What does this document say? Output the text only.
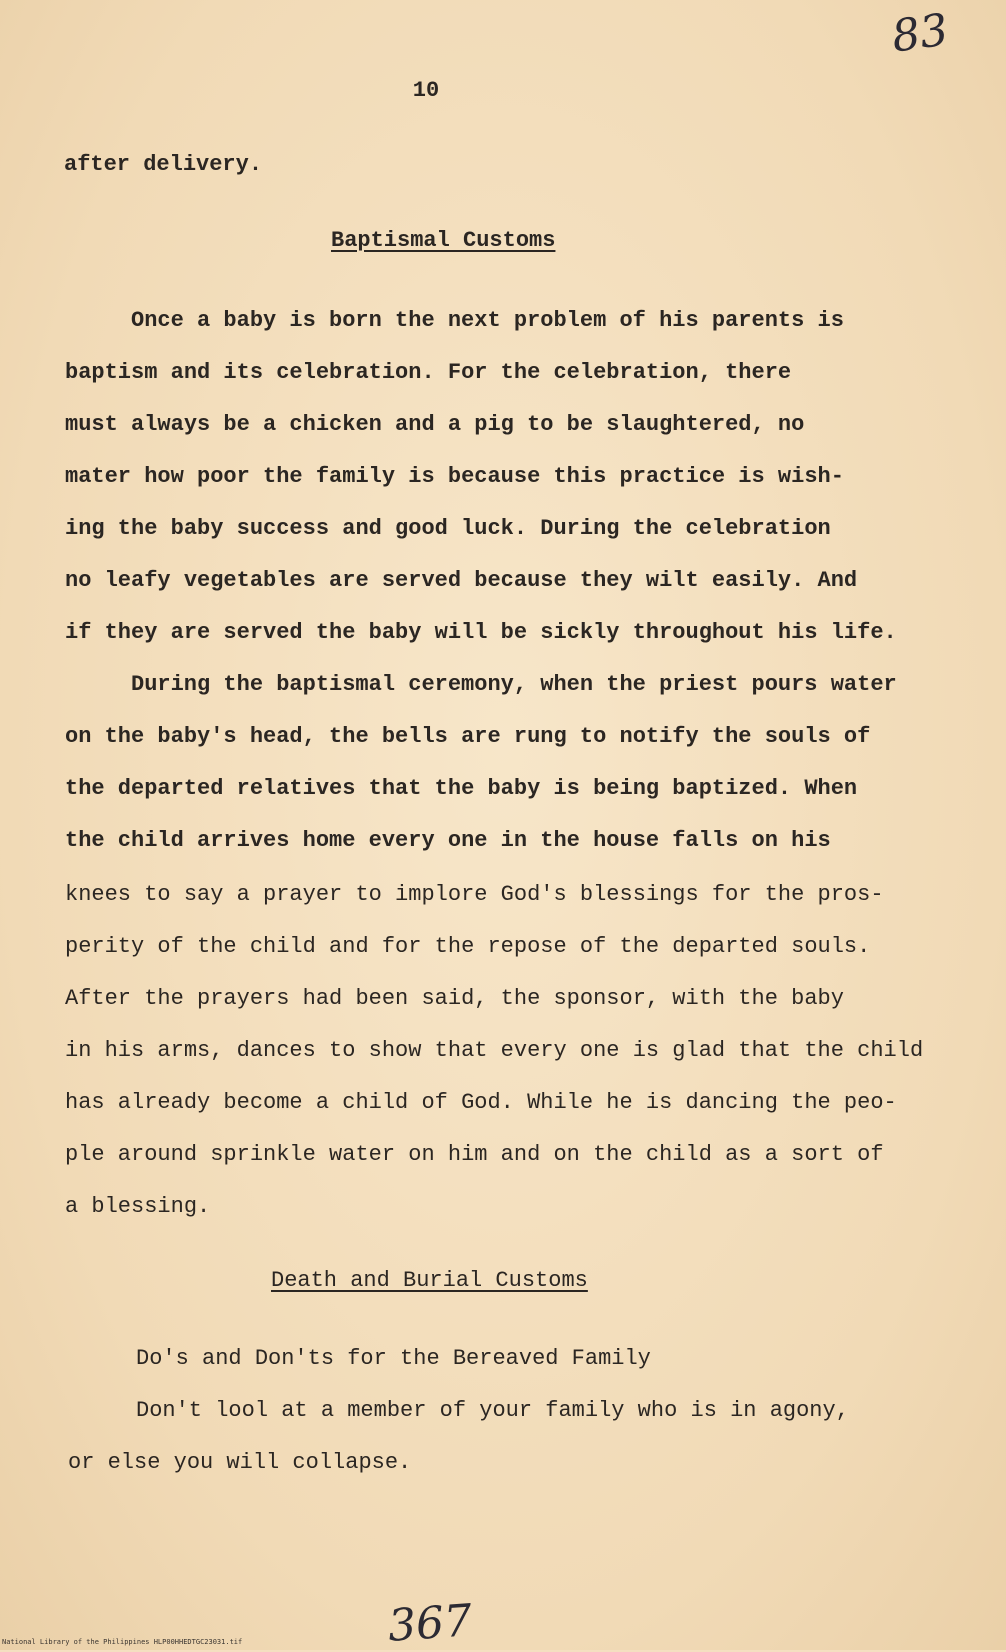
83
10
after delivery.
Baptismal Customs
Once a baby is born the next problem of his parents is
baptism and its celebration. For the celebration, there
must always be a chicken and a pig to be slaughtered, no
mater how poor the family is because this practice is wish-
ing the baby success and good luck. During the celebration
no leafy vegetables are served because they wilt easily. And
if they are served the baby will be sickly throughout his life.
During the baptismal ceremony, when the priest pours water
on the baby's head, the bells are rung to notify the souls of
the departed relatives that the baby is being baptized. When
the child arrives home every one in the house falls on his
knees to say a prayer to implore God's blessings for the pros-
perity of the child and for the repose of the departed souls.
After the prayers had been said, the sponsor, with the baby
in his arms, dances to show that every one is glad that the child
has already become a child of God. While he is dancing the peo-
ple around sprinkle water on him and on the child as a sort of
a blessing.
Death and Burial Customs
Do's and Don'ts for the Bereaved Family
Don't lool at a member of your family who is in agony,
or else you will collapse.
367
National Library of the Philippines HLP00HHEDTGC23031.tif
